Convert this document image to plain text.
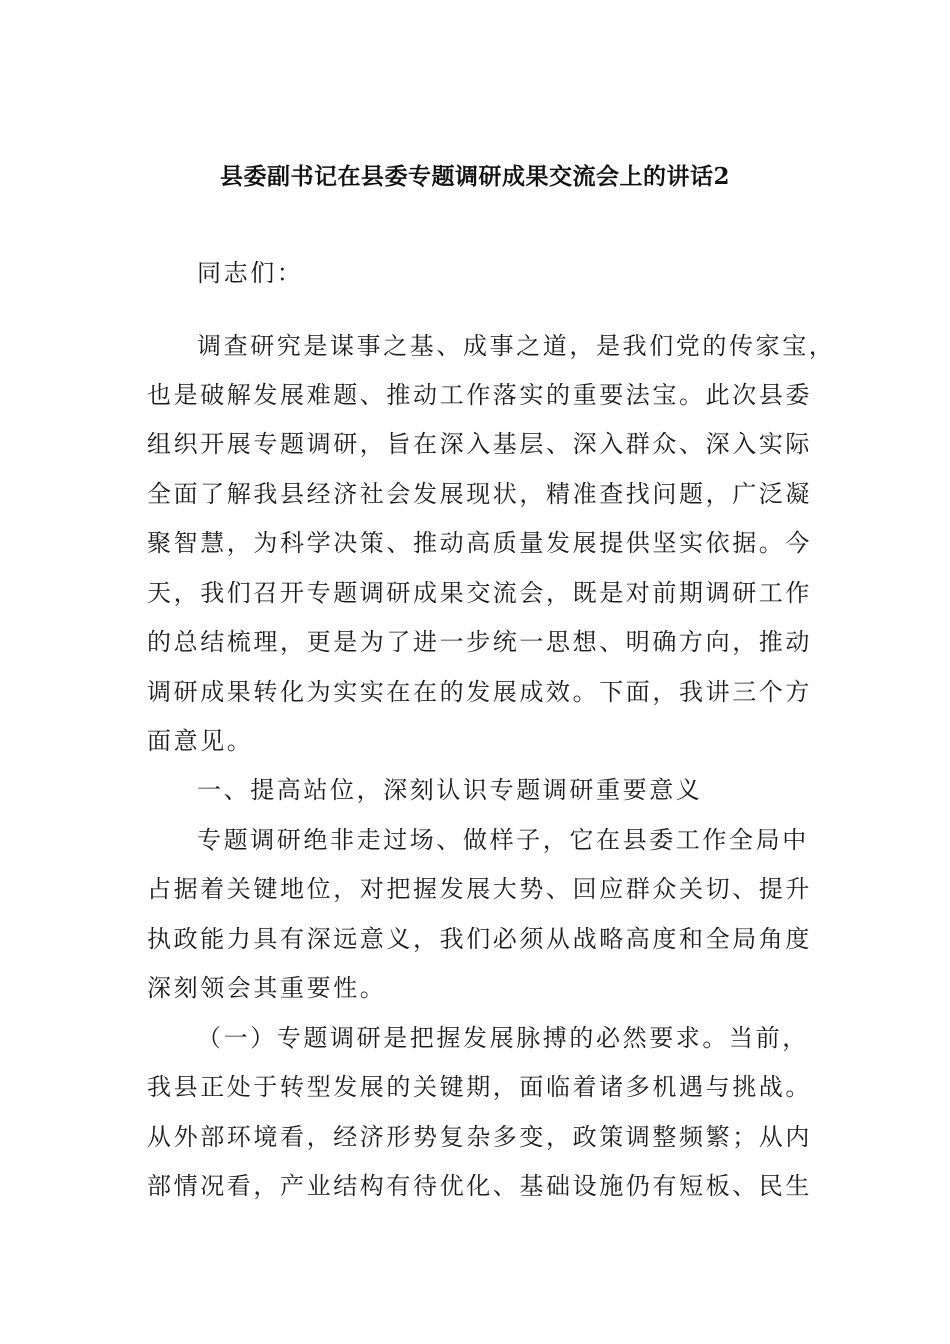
县委副书记在县委专题调研成果交流会上的讲话2

同志们：

调查研究是谋事之基、成事之道，是我们党的传家宝，

也是破解发展难题、推动工作落实的重要法宝。此次县委

组织开展专题调研，旨在深入基层、深入群众、深入实际

全面了解我县经济社会发展现状，精准查找问题，广泛凝

聚智慧，为科学决策、推动高质量发展提供坚实依据。今

天，我们召开专题调研成果交流会，既是对前期调研工作

的总结梳理，更是为了进一步统一思想、明确方向，推动

调研成果转化为实实在在的发展成效。下面，我讲三个方

面意见。

一、提高站位，深刻认识专题调研重要意义

专题调研绝非走过场、做样子，它在县委工作全局中

占据着关键地位，对把握发展大势、回应群众关切、提升

执政能力具有深远意义，我们必须从战略高度和全局角度

深刻领会其重要性。

（一）专题调研是把握发展脉搏的必然要求。当前，

我县正处于转型发展的关键期，面临着诸多机遇与挑战。

从外部环境看，经济形势复杂多变，政策调整频繁；从内

部情况看，产业结构有待优化、基础设施仍有短板、民生
